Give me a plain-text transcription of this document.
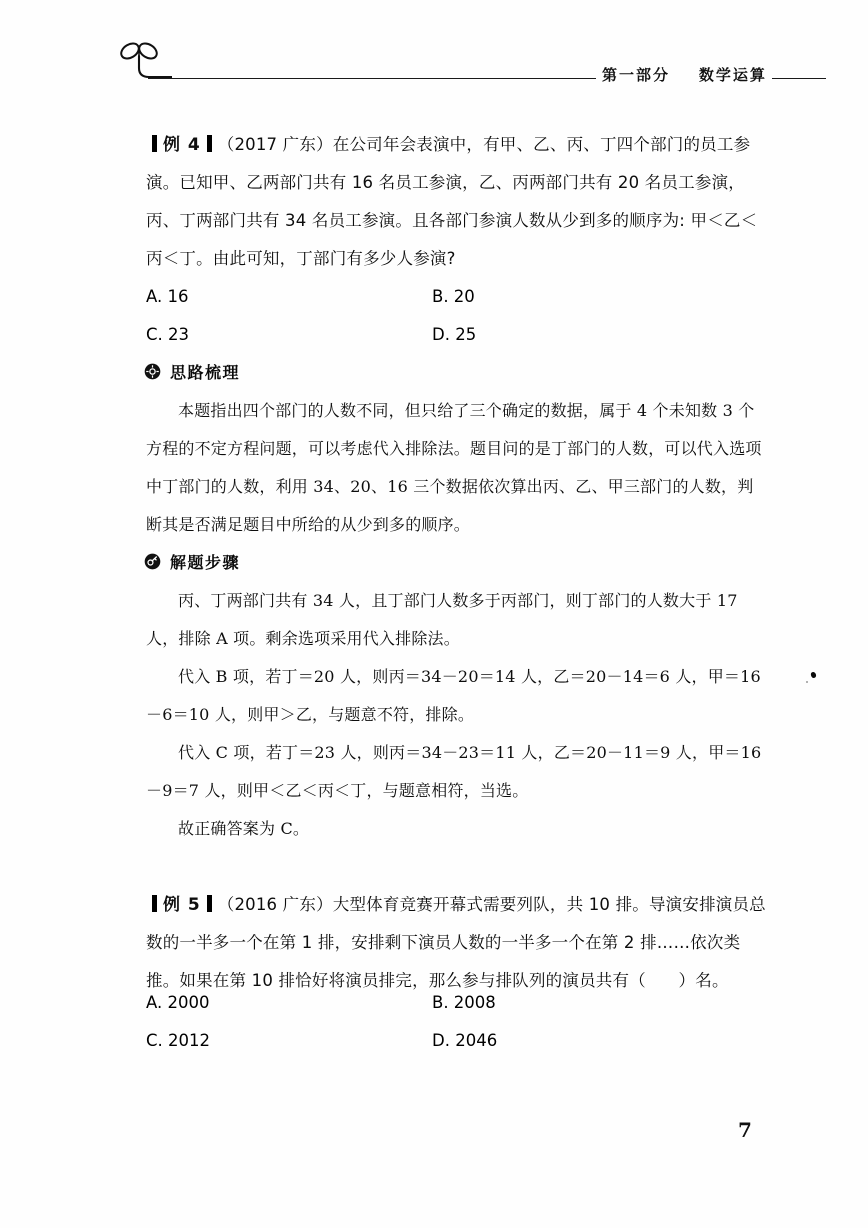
第一部分    数学运算
例 4 （2017 广东）在公司年会表演中，有甲、乙、丙、丁四个部门的员工参演。已知甲、乙两部门共有 16 名员工参演，乙、丙两部门共有 20 名员工参演，丙、丁两部门共有 34 名员工参演。且各部门参演人数从少到多的顺序为: 甲＜乙＜丙＜丁。由此可知，丁部门有多少人参演?
A. 16	B. 20
C. 23	D. 25
思路梳理
本题指出四个部门的人数不同，但只给了三个确定的数据，属于 4 个未知数 3 个方程的不定方程问题，可以考虑代入排除法。题目问的是丁部门的人数，可以代入选项中丁部门的人数，利用 34、20、16 三个数据依次算出丙、乙、甲三部门的人数，判断其是否满足题目中所给的从少到多的顺序。
解题步骤
丙、丁两部门共有 34 人，且丁部门人数多于丙部门，则丁部门的人数大于 17 人，排除 A 项。剩余选项采用代入排除法。
代入 B 项，若丁＝20 人，则丙＝34－20＝14 人，乙＝20－14＝6 人，甲＝16－6＝10 人，则甲＞乙，与题意不符，排除。
代入 C 项，若丁＝23 人，则丙＝34－23＝11 人，乙＝20－11＝9 人，甲＝16－9＝7 人，则甲＜乙＜丙＜丁，与题意相符，当选。
故正确答案为 C。
例 5 （2016 广东）大型体育竞赛开幕式需要列队，共 10 排。导演安排演员总数的一半多一个在第 1 排，安排剩下演员人数的一半多一个在第 2 排……依次类推。如果在第 10 排恰好将演员排完，那么参与排队列的演员共有（      ）名。
A. 2000	B. 2008
C. 2012	D. 2046
7
